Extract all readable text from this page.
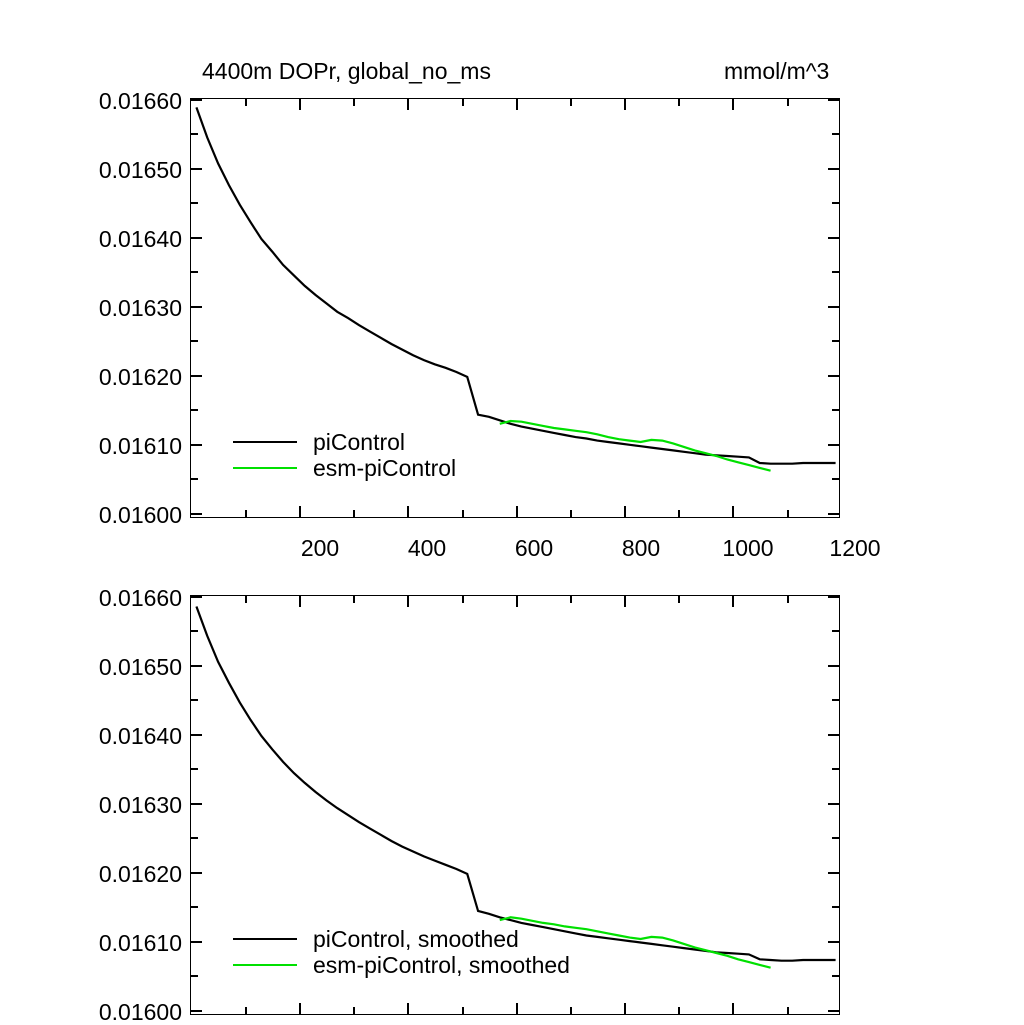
4400m DOPr, global_no_ms	mmol/m^3
0.01660
0.01650
0.01640
0.01630
0.01620
0.01610
0.01600
200	400	600	800	1000	1200
piControl
esm-piControl
0.01660
0.01650
0.01640
0.01630
0.01620
0.01610
0.01600
piControl, smoothed
esm-piControl, smoothed
